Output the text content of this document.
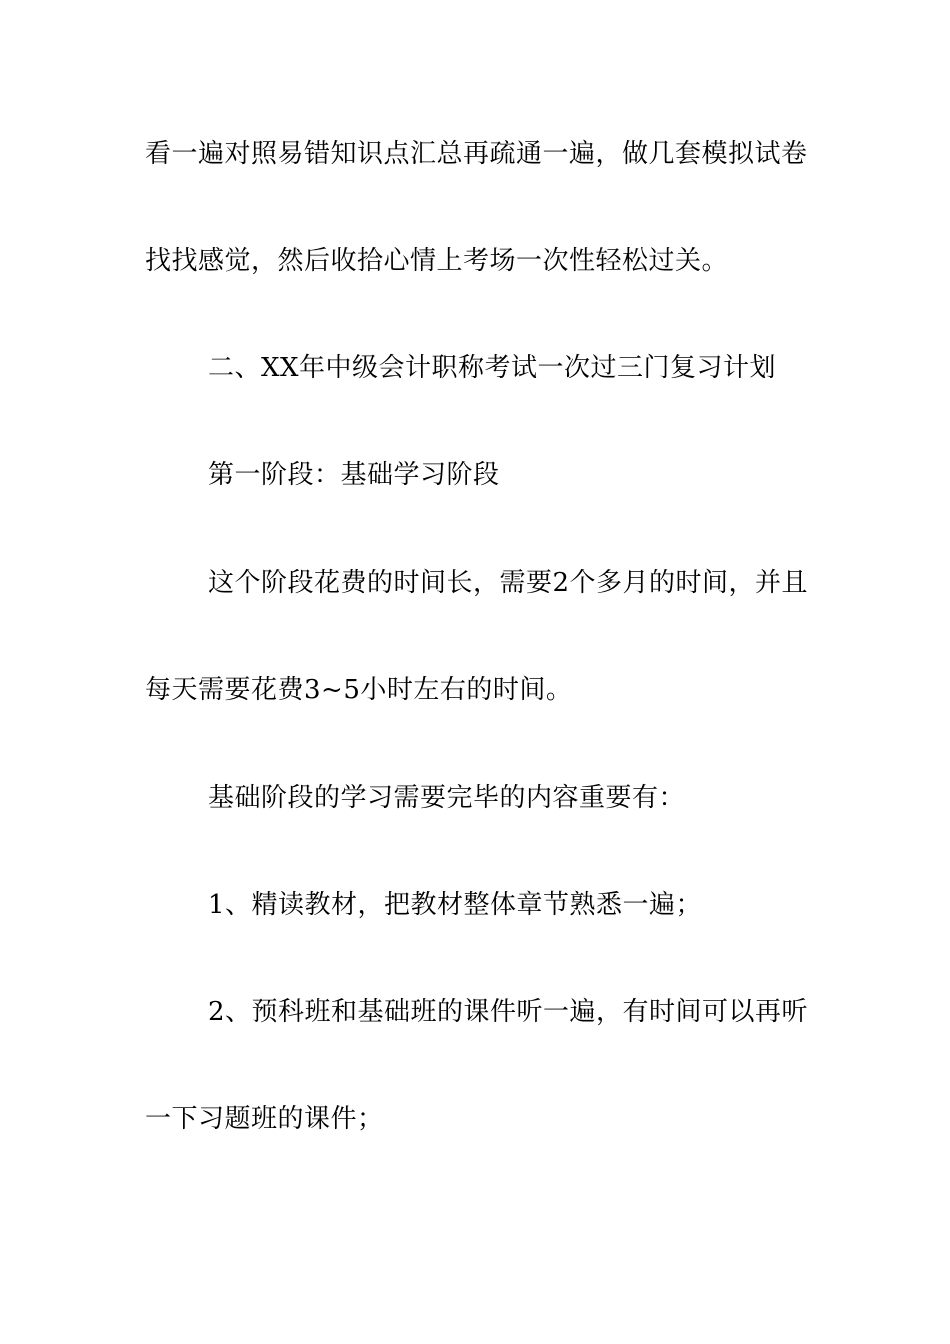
看一遍对照易错知识点汇总再疏通一遍，做几套模拟试卷
找找感觉，然后收拾心情上考场一次性轻松过关。
二、XX年中级会计职称考试一次过三门复习计划
第一阶段：基础学习阶段
这个阶段花费的时间长，需要2个多月的时间，并且
每天需要花费3~5小时左右的时间。
基础阶段的学习需要完毕的内容重要有：
1、精读教材，把教材整体章节熟悉一遍；
2、预科班和基础班的课件听一遍，有时间可以再听
一下习题班的课件；
